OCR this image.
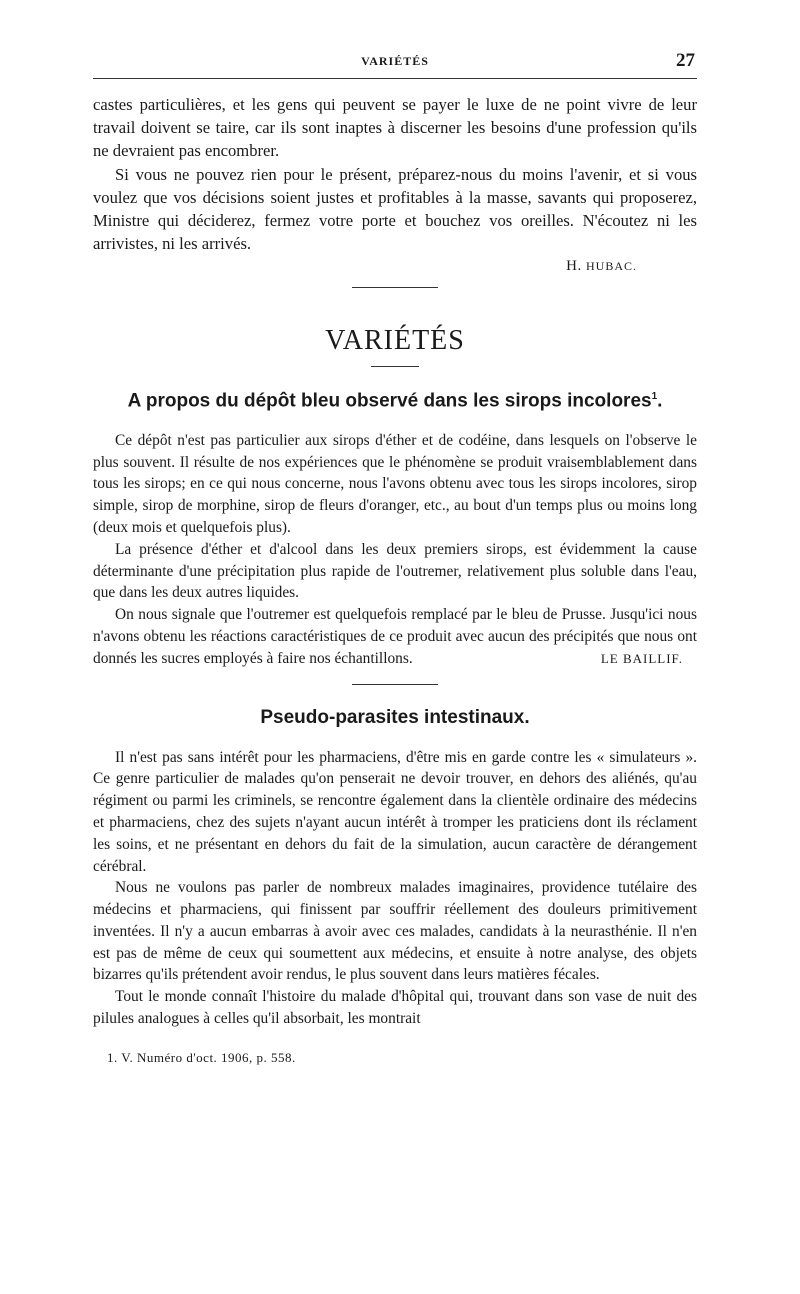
VARIÉTÉS	27

castes particulières, et les gens qui peuvent se payer le luxe de ne point vivre de leur travail doivent se taire, car ils sont inaptes à discerner les besoins d'une profession qu'ils ne devraient pas encombrer.

Si vous ne pouvez rien pour le présent, préparez-nous du moins l'avenir, et si vous voulez que vos décisions soient justes et profitables à la masse, savants qui proposerez, Ministre qui déciderez, fermez votre porte et bouchez vos oreilles. N'écoutez ni les arrivistes, ni les arrivés.

H. HUBAC.
VARIÉTÉS
A propos du dépôt bleu observé dans les sirops incolores$^1$.

Ce dépôt n'est pas particulier aux sirops d'éther et de codéine, dans lesquels on l'observe le plus souvent. Il résulte de nos expériences que le phénomène se produit vraisemblablement dans tous les sirops; en ce qui nous concerne, nous l'avons obtenu avec tous les sirops incolores, sirop simple, sirop de morphine, sirop de fleurs d'oranger, etc., au bout d'un temps plus ou moins long (deux mois et quelquefois plus).

La présence d'éther et d'alcool dans les deux premiers sirops, est évidemment la cause déterminante d'une précipitation plus rapide de l'outremer, relativement plus soluble dans l'eau, que dans les deux autres liquides.

On nous signale que l'outremer est quelquefois remplacé par le bleu de Prusse. Jusqu'ici nous n'avons obtenu les réactions caractéristiques de ce produit avec aucun des précipités que nous ont donnés les sucres employés à faire nos échantillons.	LE BAILLIF.

Pseudo-parasites intestinaux.

Il n'est pas sans intérêt pour les pharmaciens, d'être mis en garde contre les « simulateurs ». Ce genre particulier de malades qu'on penserait ne devoir trouver, en dehors des aliénés, qu'au régiment ou parmi les criminels, se rencontre également dans la clientèle ordinaire des médecins et pharmaciens, chez des sujets n'ayant aucun intérêt à tromper les praticiens dont ils réclament les soins, et ne présentant en dehors du fait de la simulation, aucun caractère de dérangement cérébral.

Nous ne voulons pas parler de nombreux malades imaginaires, providence tutélaire des médecins et pharmaciens, qui finissent par souffrir réellement des douleurs primitivement inventées. Il n'y a aucun embarras à avoir avec ces malades, candidats à la neurasthénie. Il n'en est pas de même de ceux qui soumettent aux médecins, et ensuite à notre analyse, des objets bizarres qu'ils prétendent avoir rendus, le plus souvent dans leurs matières fécales.

Tout le monde connaît l'histoire du malade d'hôpital qui, trouvant dans son vase de nuit des pilules analogues à celles qu'il absorbait, les montrait

1. V. Numéro d'oct. 1906, p. 558.
